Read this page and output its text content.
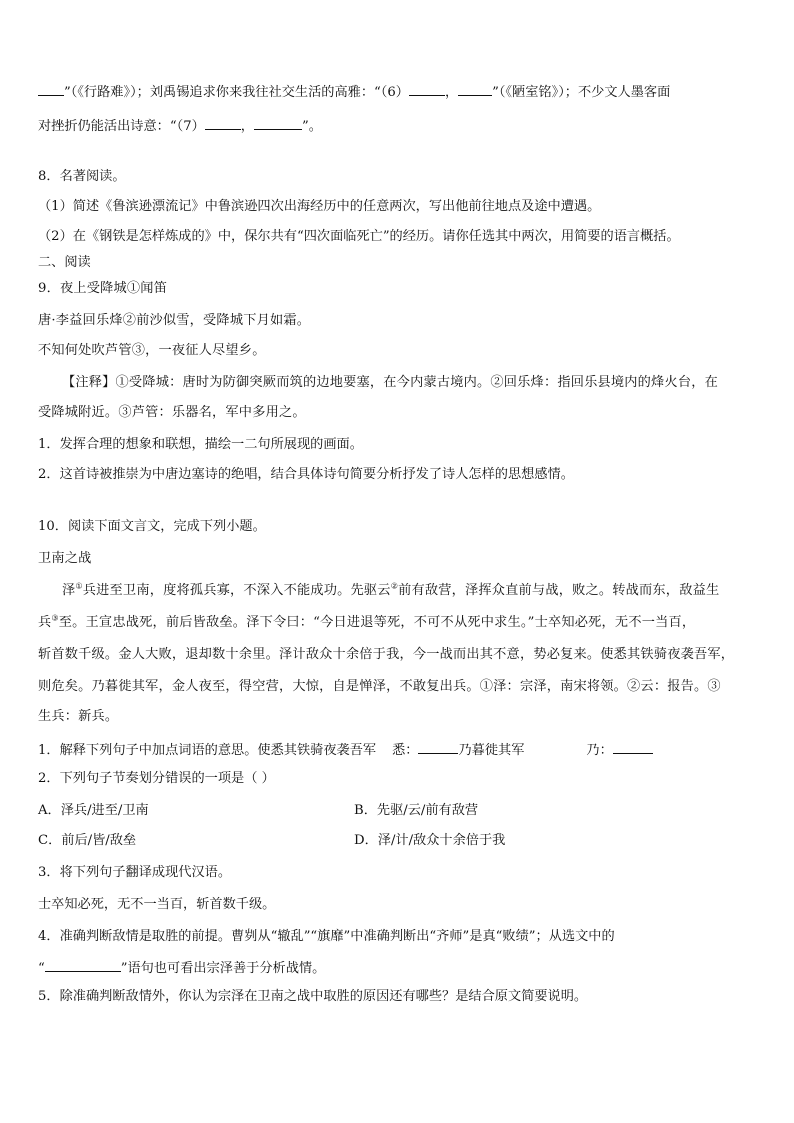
”（《行路难》）；刘禹锡追求你来我往社交生活的高雅：“（6）	，	”（《陋室铭》）；不少文人墨客面
对挫折仍能活出诗意：“（7）	，	”。
8．名著阅读。
（1）简述《鲁滨逊漂流记》中鲁滨逊四次出海经历中的任意两次，写出他前往地点及途中遭遇。
（2）在《钢铁是怎样炼成的》中，保尔共有“四次面临死亡”的经历。请你任选其中两次，用简要的语言概括。
二、阅读
9．夜上受降城①闻笛
唐·李益回乐烽②前沙似雪，受降城下月如霜。
不知何处吹芦管③，一夜征人尽望乡。
【注释】①受降城：唐时为防御突厥而筑的边地要塞，在今内蒙古境内。②回乐烽：指回乐县境内的烽火台，在
受降城附近。③芦管：乐器名，军中多用之。
1．发挥合理的想象和联想，描绘一二句所展现的画面。
2．这首诗被推崇为中唐边塞诗的绝唱，结合具体诗句简要分析抒发了诗人怎样的思想感情。
10．阅读下面文言文，完成下列小题。
卫南之战
泽①兵进至卫南，度将孤兵寡，不深入不能成功。先驱云②前有敌营，泽挥众直前与战，败之。转战而东，敌益生
兵③至。王宣忠战死，前后皆敌垒。泽下令曰：“今日进退等死，不可不从死中求生。”士卒知必死，无不一当百，
斩首数千级。金人大败，退却数十余里。泽计敌众十余倍于我，今一战而出其不意，势必复来。使悉其铁骑夜袭吾军，
则危矣。乃暮徙其军，金人夜至，得空营，大惊，自是惮泽，不敢复出兵。①泽：宗泽，南宋将领。②云：报告。③
生兵：新兵。
1．解释下列句子中加点词语的意思。使悉其铁骑夜袭吾军 悉：	乃暮徙其军	乃：
2．下列句子节奏划分错误的一项是（ ）
A．泽兵/进至/卫南	B．先驱/云/前有敌营
C．前后/皆/敌垒	D．泽/计/敌众十余倍于我
3．将下列句子翻译成现代汉语。
士卒知必死，无不一当百，斩首数千级。
4．准确判断敌情是取胜的前提。曹刿从“辙乱”“旗靡”中准确判断出“齐师”是真“败绩”；从选文中的
“	”语句也可看出宗泽善于分析战情。
5．除准确判断敌情外，你认为宗泽在卫南之战中取胜的原因还有哪些？是结合原文简要说明。
